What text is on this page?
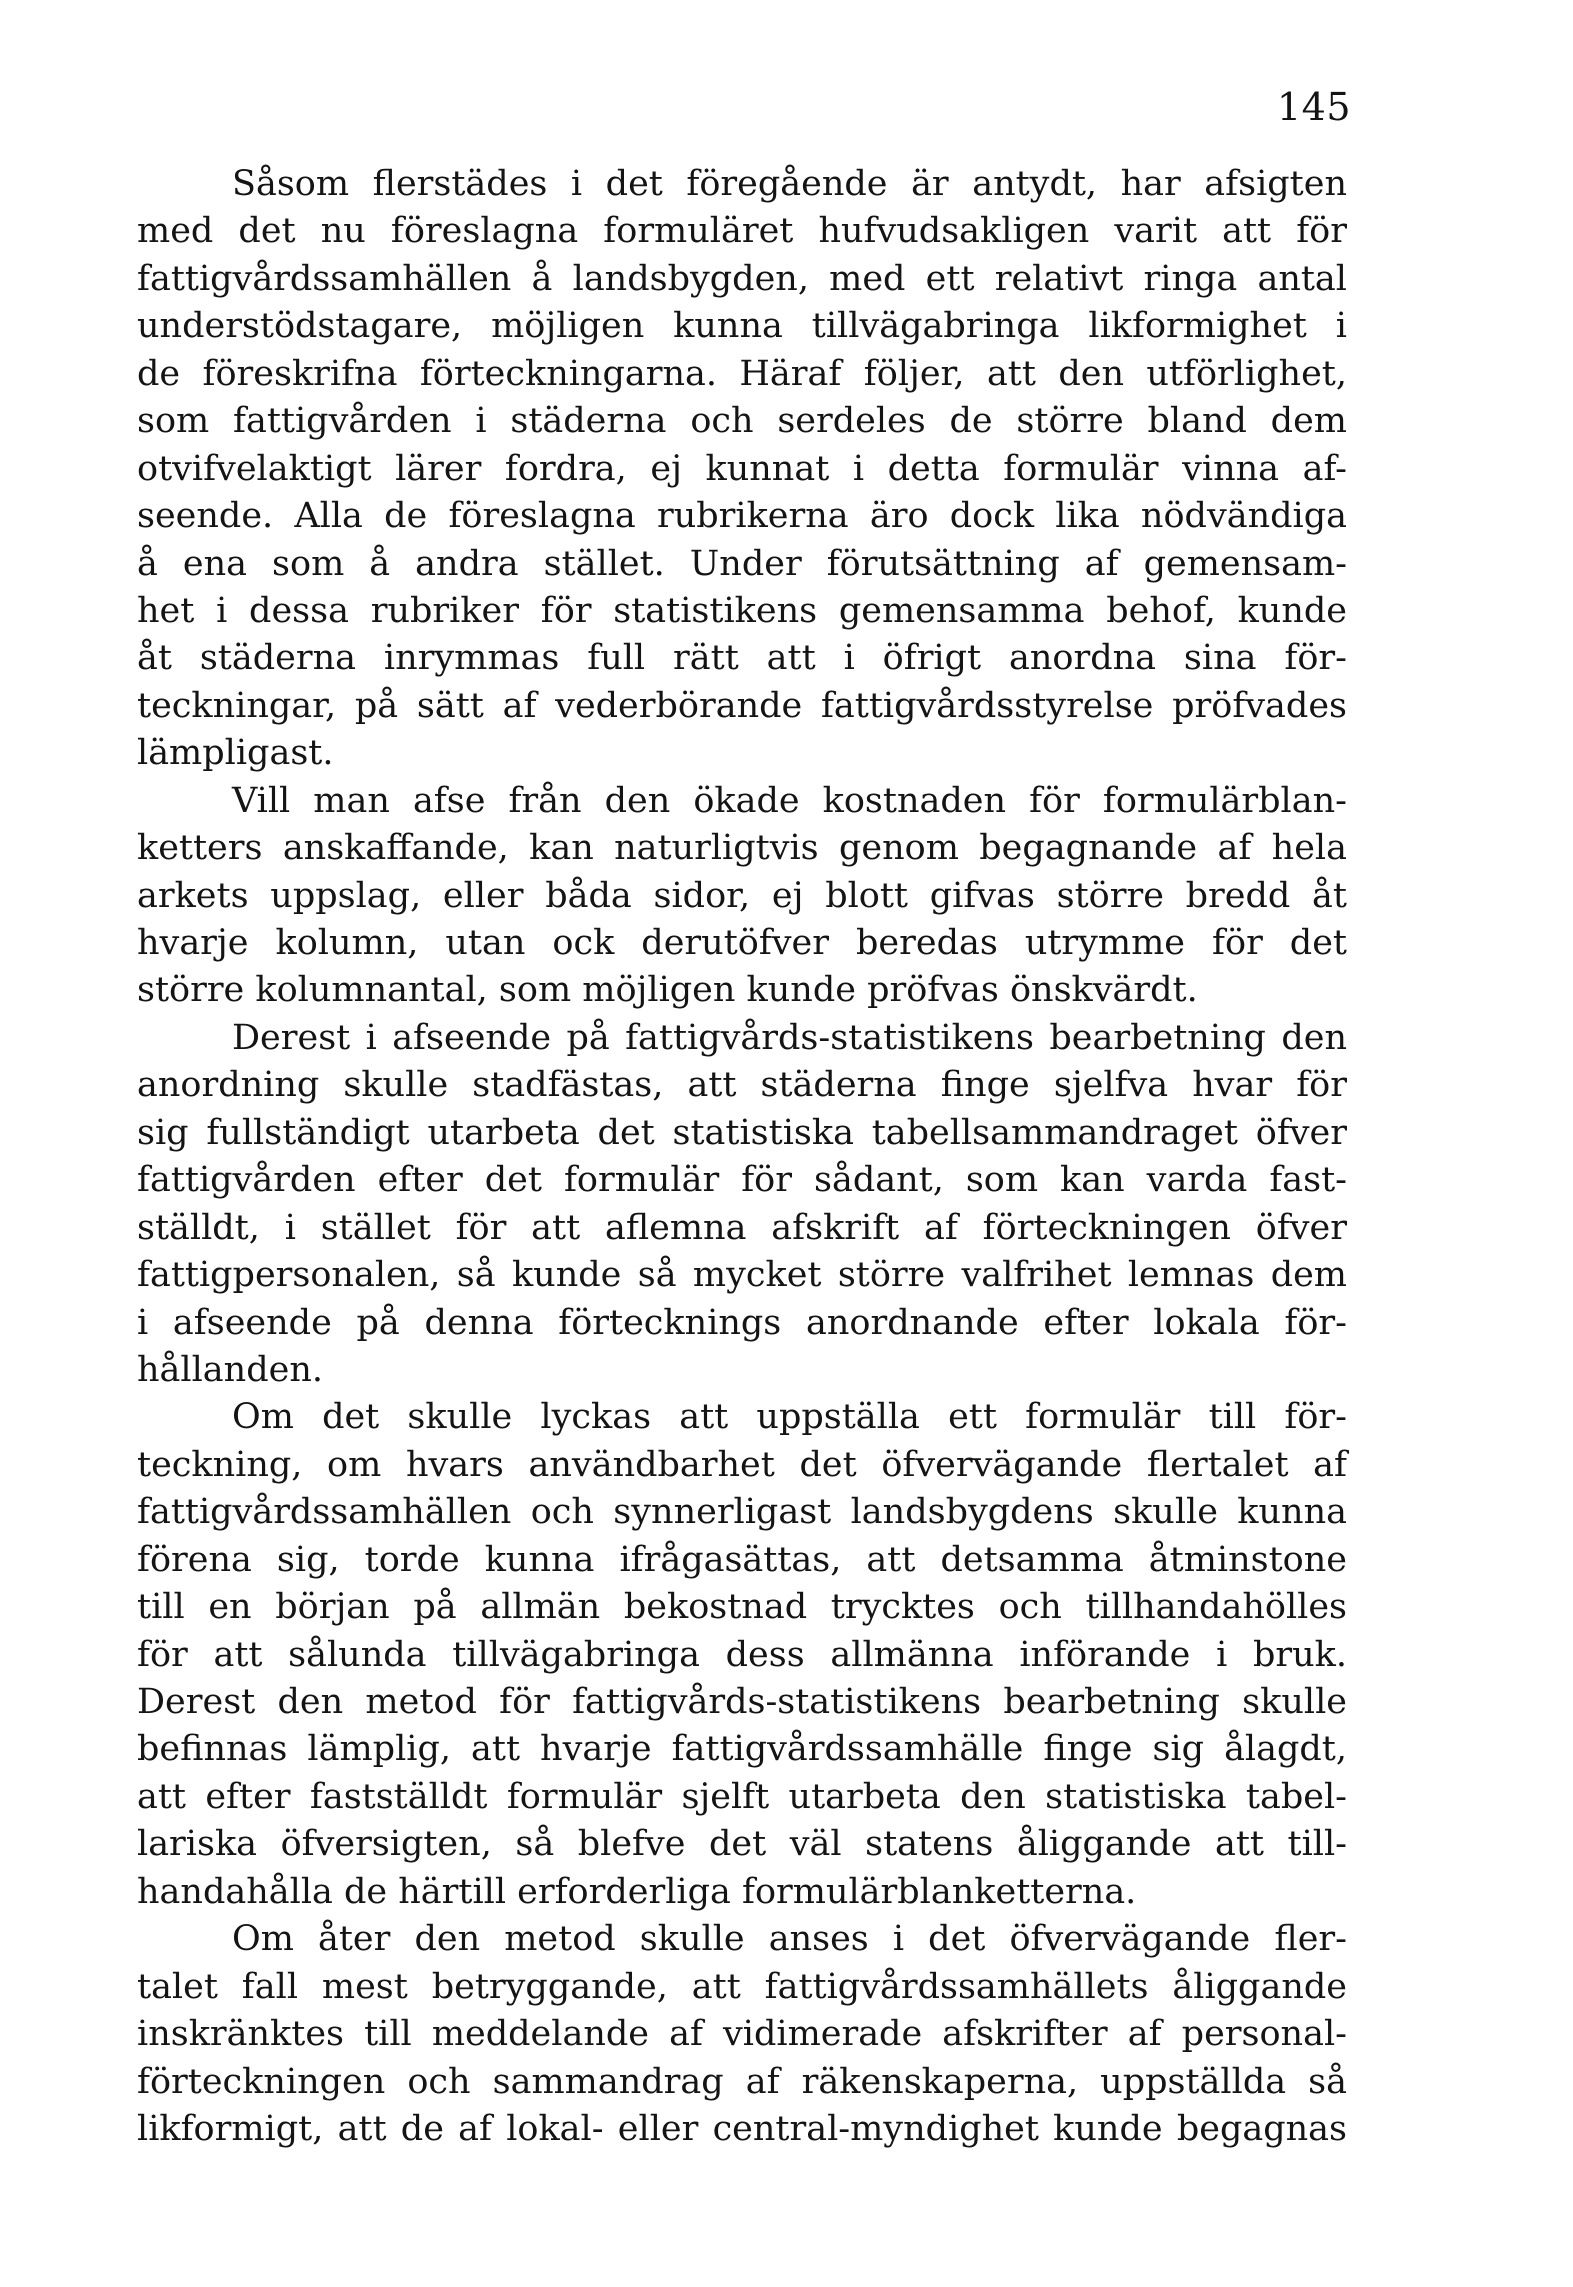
145
Såsom flerstädes i det föregående är antydt, har afsigten
med det nu föreslagna formuläret hufvudsakligen varit att för
fattigvårdssamhällen å landsbygden, med ett relativt ringa antal
understödstagare, möjligen kunna tillvägabringa likformighet i
de föreskrifna förteckningarna. Häraf följer, att den utförlighet,
som fattigvården i städerna och serdeles de större bland dem
otvifvelaktigt lärer fordra, ej kunnat i detta formulär vinna af-
seende. Alla de föreslagna rubrikerna äro dock lika nödvändiga
å ena som å andra stället. Under förutsättning af gemensam-
het i dessa rubriker för statistikens gemensamma behof, kunde
åt städerna inrymmas full rätt att i öfrigt anordna sina för-
teckningar, på sätt af vederbörande fattigvårdsstyrelse pröfvades
lämpligast.
Vill man afse från den ökade kostnaden för formulärblan-
ketters anskaffande, kan naturligtvis genom begagnande af hela
arkets uppslag, eller båda sidor, ej blott gifvas större bredd åt
hvarje kolumn, utan ock derutöfver beredas utrymme för det
större kolumnantal, som möjligen kunde pröfvas önskvärdt.
Derest i afseende på fattigvårds-statistikens bearbetning den
anordning skulle stadfästas, att städerna finge sjelfva hvar för
sig fullständigt utarbeta det statistiska tabellsammandraget öfver
fattigvården efter det formulär för sådant, som kan varda fast-
ställdt, i stället för att aflemna afskrift af förteckningen öfver
fattigpersonalen, så kunde så mycket större valfrihet lemnas dem
i afseende på denna förtecknings anordnande efter lokala för-
hållanden.
Om det skulle lyckas att uppställa ett formulär till för-
teckning, om hvars användbarhet det öfvervägande flertalet af
fattigvårdssamhällen och synnerligast landsbygdens skulle kunna
förena sig, torde kunna ifrågasättas, att detsamma åtminstone
till en början på allmän bekostnad trycktes och tillhandahölles
för att sålunda tillvägabringa dess allmänna införande i bruk.
Derest den metod för fattigvårds-statistikens bearbetning skulle
befinnas lämplig, att hvarje fattigvårdssamhälle finge sig ålagdt,
att efter fastställdt formulär sjelft utarbeta den statistiska tabel-
lariska öfversigten, så blefve det väl statens åliggande att till-
handahålla de härtill erforderliga formulärblanketterna.
Om åter den metod skulle anses i det öfvervägande fler-
talet fall mest betryggande, att fattigvårdssamhällets åliggande
inskränktes till meddelande af vidimerade afskrifter af personal-
förteckningen och sammandrag af räkenskaperna, uppställda så
likformigt, att de af lokal- eller central-myndighet kunde begagnas
